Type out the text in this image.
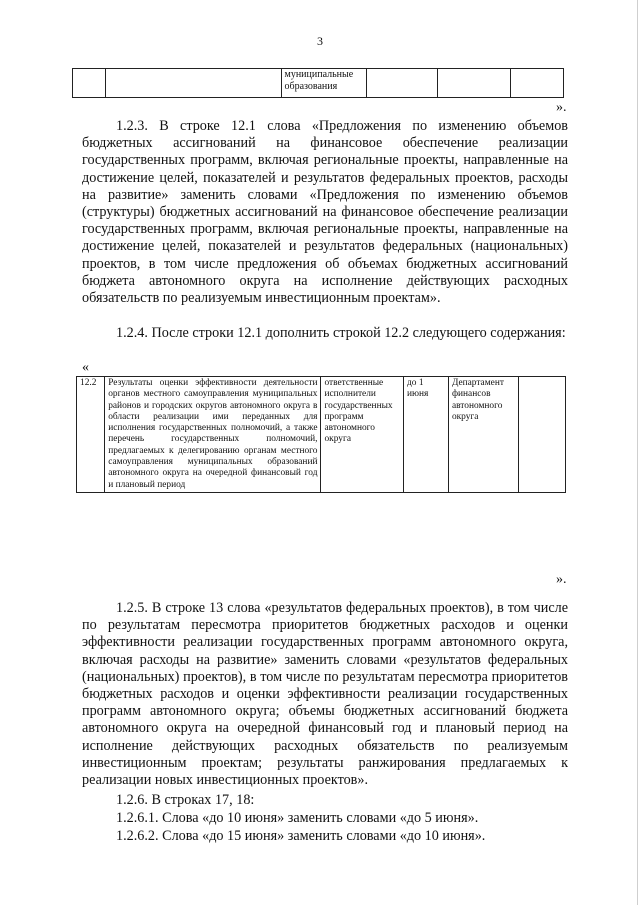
3
		муниципальные образования			
».

1.2.3. В строке 12.1 слова «Предложения по изменению объемов бюджетных ассигнований на финансовое обеспечение реализации государственных программ, включая региональные проекты, направленные на достижение целей, показателей и результатов федеральных проектов, расходы на развитие» заменить словами «Предложения по изменению объемов (структуры) бюджетных ассигнований на финансовое обеспечение реализации государственных программ, включая региональные проекты, направленные на достижение целей, показателей и результатов федеральных (национальных) проектов, в том числе предложения об объемах бюджетных ассигнований бюджета автономного округа на исполнение действующих расходных обязательств по реализуемым инвестиционным проектам».

1.2.4. После строки 12.1 дополнить строкой 12.2 следующего содержания:

«
12.2	Результаты оценки эффективности деятельности органов местного самоуправления муниципальных районов и городских округов автономного округа в области реализации ими переданных для исполнения государственных полномочий, а также перечень государственных полномочий, предлагаемых к делегированию органам местного самоуправления муниципальных образований автономного округа на очередной финансовый год и плановый период	ответственные исполнители государственных программ автономного округа	до 1 июня	Департамент финансов автономного округа	
».

1.2.5. В строке 13 слова «результатов федеральных проектов), в том числе по результатам пересмотра приоритетов бюджетных расходов и оценки эффективности реализации государственных программ автономного округа, включая расходы на развитие» заменить словами «результатов федеральных (национальных) проектов), в том числе по результатам пересмотра приоритетов бюджетных расходов и оценки эффективности реализации государственных программ автономного округа; объемы бюджетных ассигнований бюджета автономного округа на очередной финансовый год и плановый период на исполнение действующих расходных обязательств по реализуемым инвестиционным проектам; результаты ранжирования предлагаемых к реализации новых инвестиционных проектов».

1.2.6. В строках 17, 18:

1.2.6.1. Слова «до 10 июня» заменить словами «до 5 июня».

1.2.6.2. Слова «до 15 июня» заменить словами «до 10 июня».
